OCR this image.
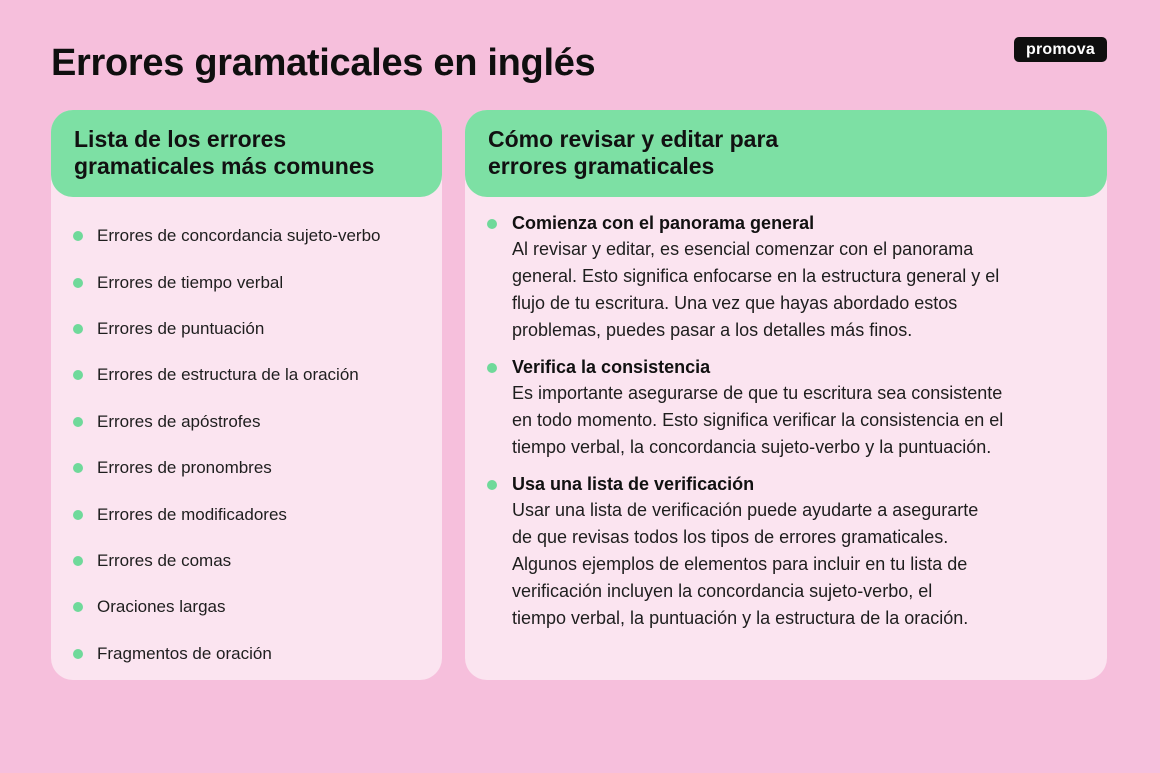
Errores gramaticales en inglés	promova
Lista de los errores
gramaticales más comunes
Errores de concordancia sujeto-verbo
Errores de tiempo verbal
Errores de puntuación
Errores de estructura de la oración
Errores de apóstrofes
Errores de pronombres
Errores de modificadores
Errores de comas
Oraciones largas
Fragmentos de oración
Cómo revisar y editar para
errores gramaticales
Comienza con el panorama general
Al revisar y editar, es esencial comenzar con el panorama
general. Esto significa enfocarse en la estructura general y el
flujo de tu escritura. Una vez que hayas abordado estos
problemas, puedes pasar a los detalles más finos.
Verifica la consistencia
Es importante asegurarse de que tu escritura sea consistente
en todo momento. Esto significa verificar la consistencia en el
tiempo verbal, la concordancia sujeto-verbo y la puntuación.
Usa una lista de verificación
Usar una lista de verificación puede ayudarte a asegurarte
de que revisas todos los tipos de errores gramaticales.
Algunos ejemplos de elementos para incluir en tu lista de
verificación incluyen la concordancia sujeto-verbo, el
tiempo verbal, la puntuación y la estructura de la oración.
